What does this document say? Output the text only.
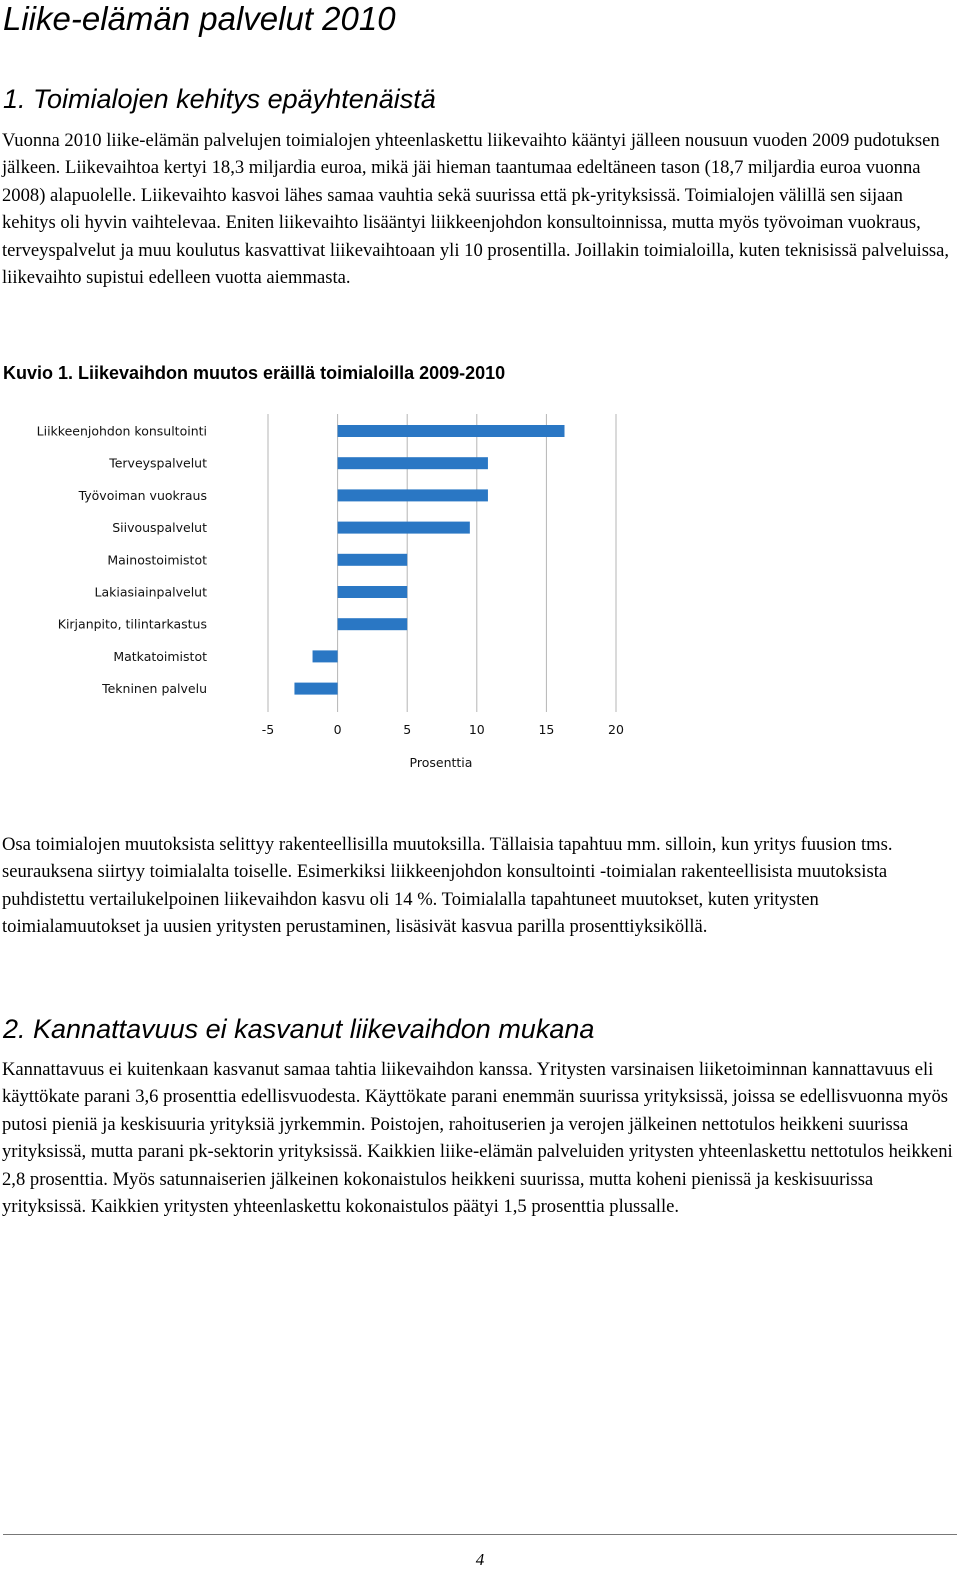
Liike-elämän palvelut 2010
1. Toimialojen kehitys epäyhtenäistä

Vuonna 2010 liike-elämän palvelujen toimialojen yhteenlaskettu liikevaihto kääntyi jälleen nousuun vuoden 2009 pudotuksen jälkeen. Liikevaihtoa kertyi 18,3 miljardia euroa, mikä jäi hieman taantumaa edeltäneen tason (18,7 miljardia euroa vuonna 2008) alapuolelle. Liikevaihto kasvoi lähes samaa vauhtia sekä suurissa että pk-yrityksissä. Toimialojen välillä sen sijaan kehitys oli hyvin vaihtelevaa. Eniten liikevaihto lisääntyi liikkeenjohdon konsultoinnissa, mutta myös työvoiman vuokraus, terveyspalvelut ja muu koulutus kasvattivat liikevaihtoaan yli 10 prosentilla. Joillakin toimialoilla, kuten teknisissä palveluissa, liikevaihto supistui edelleen vuotta aiemmasta.

Kuvio 1. Liikevaihdon muutos eräillä toimialoilla 2009-2010

Liikkeenjohdon konsultointi
Terveyspalvelut
Työvoiman vuokraus
Siivouspalvelut
Mainostoimistot
Lakiasiainpalvelut
Kirjanpito, tilintarkastus
Matkatoimistot
Tekninen palvelu
-5	0	5	10	15	20
Prosenttia

Osa toimialojen muutoksista selittyy rakenteellisilla muutoksilla. Tällaisia tapahtuu mm. silloin, kun yritys fuusion tms. seurauksena siirtyy toimialalta toiselle. Esimerkiksi liikkeenjohdon konsultointi -toimialan rakenteellisista muutoksista puhdistettu vertailukelpoinen liikevaihdon kasvu oli 14 %. Toimialalla tapahtuneet muutokset, kuten yritysten toimialamuutokset ja uusien yritysten perustaminen, lisäsivät kasvua parilla prosenttiyksiköllä.

2. Kannattavuus ei kasvanut liikevaihdon mukana

Kannattavuus ei kuitenkaan kasvanut samaa tahtia liikevaihdon kanssa. Yritysten varsinaisen liiketoiminnan kannattavuus eli käyttökate parani 3,6 prosenttia edellisvuodesta. Käyttökate parani enemmän suurissa yrityksissä, joissa se edellisvuonna myös putosi pieniä ja keskisuuria yrityksiä jyrkemmin. Poistojen, rahoituserien ja verojen jälkeinen nettotulos heikkeni suurissa yrityksissä, mutta parani pk-sektorin yrityksissä. Kaikkien liike-elämän palveluiden yritysten yhteenlaskettu nettotulos heikkeni 2,8 prosenttia. Myös satunnaiserien jälkeinen kokonaistulos heikkeni suurissa, mutta koheni pienissä ja keskisuurissa yrityksissä. Kaikkien yritysten yhteenlaskettu kokonaistulos päätyi 1,5 prosenttia plussalle.

4
